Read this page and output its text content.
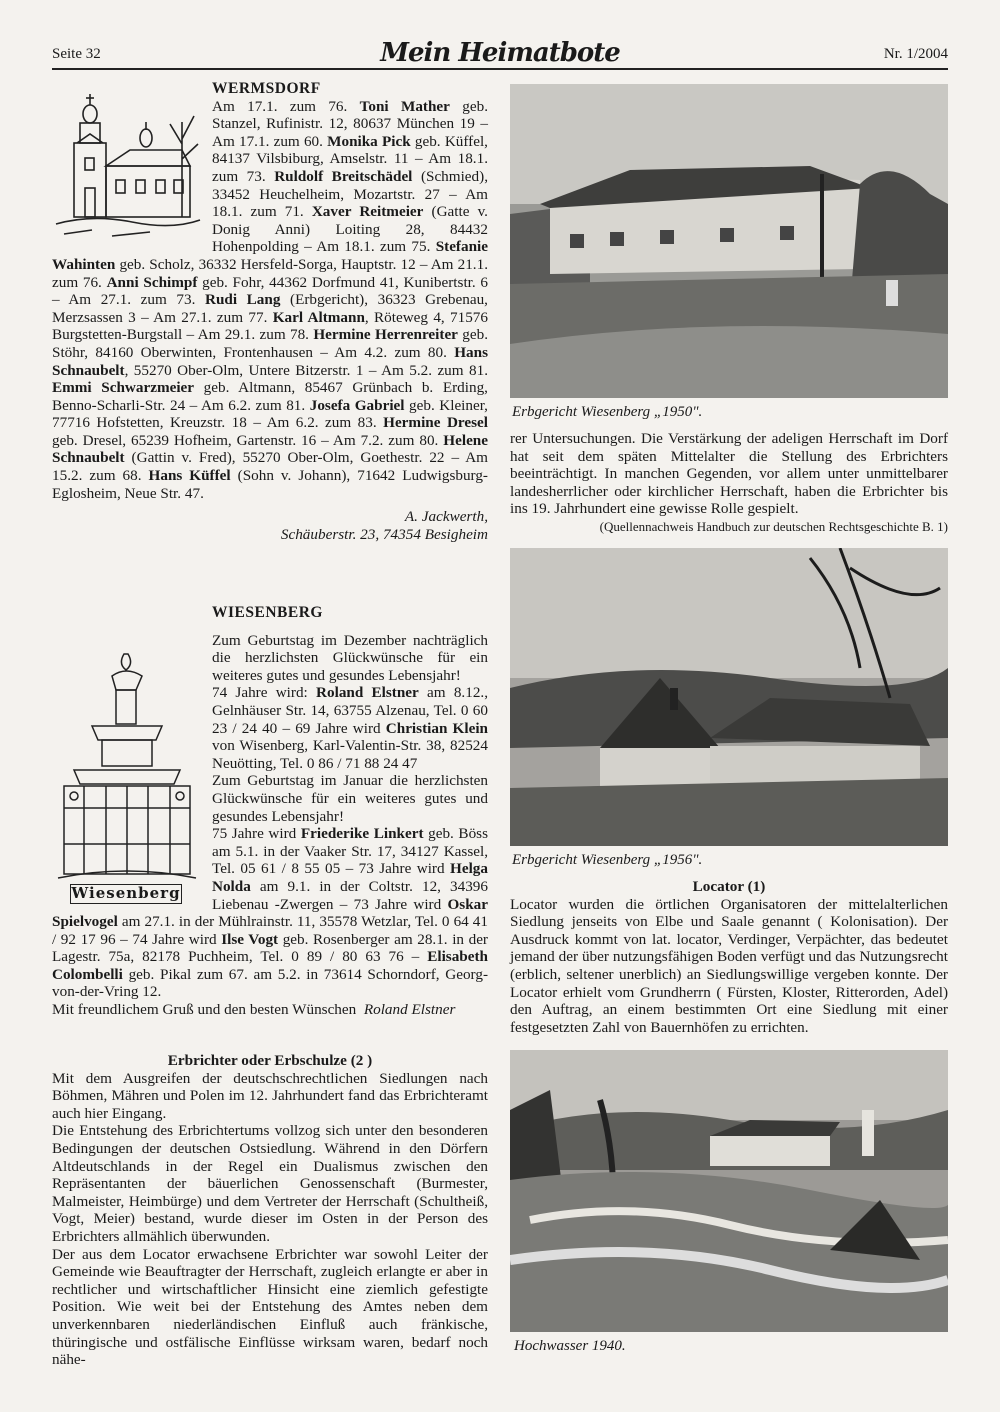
Seite 32	Mein Heimatbote	Nr. 1/2004

WERMSDORF

Am 17.1. zum 76. Toni Mather geb. Stanzel, Rufinistr. 12, 80637 München 19 – Am 17.1. zum 60. Monika Pick geb. Küffel, 84137 Vilsbiburg, Amselstr. 11 – Am 18.1. zum 73. Ruldolf Breitschädel (Schmied), 33452 Heuchelheim, Mozartstr. 27 – Am 18.1. zum 71. Xaver Reitmeier (Gatte v. Donig Anni) Loiting 28, 84432 Hohenpolding – Am 18.1. zum 75. Stefanie Wahinten geb. Scholz, 36332 Hersfeld-Sorga, Hauptstr. 12 – Am 21.1. zum 76. Anni Schimpf geb. Fohr, 44362 Dorfmund 41, Kunibertstr. 6 – Am 27.1. zum 73. Rudi Lang (Erbgericht), 36323 Grebenau, Merzsassen 3 – Am 27.1. zum 77. Karl Altmann, Röteweg 4, 71576 Burgstetten-Burgstall – Am 29.1. zum 78. Hermine Herrenreiter geb. Stöhr, 84160 Oberwinten, Frontenhausen – Am 4.2. zum 80. Hans Schnaubelt, 55270 Ober-Olm, Untere Bitzerstr. 1 – Am 5.2. zum 81. Emmi Schwarzmeier geb. Altmann, 85467 Grünbach b. Erding, Benno-Scharli-Str. 24 – Am 6.2. zum 81. Josefa Gabriel geb. Kleiner, 77716 Hofstetten, Kreuzstr. 18 – Am 6.2. zum 83. Hermine Dresel geb. Dresel, 65239 Hofheim, Gartenstr. 16 – Am 7.2. zum 80. Helene Schnaubelt (Gattin v. Fred), 55270 Ober-Olm, Goethestr. 22 – Am 15.2. zum 68. Hans Küffel (Sohn v. Johann), 71642 Ludwigsburg-Eglosheim, Neue Str. 47.

A. Jackwerth,

Schäuberstr. 23, 74354 Besigheim

Wiesenberg

WIESENBERG

Zum Geburtstag im Dezember nachträglich die herzlichsten Glückwünsche für ein weiteres gutes und gesundes Lebensjahr!

74 Jahre wird: Roland Elstner am 8.12., Gelnhäuser Str. 14, 63755 Alzenau, Tel. 0 60 23 / 24 40 – 69 Jahre wird Christian Klein von Wisenberg, Karl-Valentin-Str. 38, 82524 Neuötting, Tel. 0 86 / 71 88 24 47

Zum Geburtstag im Januar die herzlichsten Glückwünsche für ein weiteres gutes und gesundes Lebensjahr!

75 Jahre wird Friederike Linkert geb. Böss am 5.1. in der Vaaker Str. 17, 34127 Kassel, Tel. 05 61 / 8 55 05 – 73 Jahre wird Helga Nolda am 9.1. in der Coltstr. 12, 34396 Liebenau -Zwergen – 73 Jahre wird Oskar Spielvogel am 27.1. in der Mühlrainstr. 11, 35578 Wetzlar, Tel. 0 64 41 / 92 17 96 – 74 Jahre wird Ilse Vogt geb. Rosenberger am 28.1. in der Lagestr. 75a, 82178 Puchheim, Tel. 0 89 / 80 63 76 – Elisabeth Colombelli geb. Pikal zum 67. am 5.2. in 73614 Schorndorf, Georg-von-der-Vring 12.

Mit freundlichem Gruß und den besten Wünschen Roland Elstner

Erbrichter oder Erbschulze (2 )

Mit dem Ausgreifen der deutschschrechtlichen Siedlungen nach Böhmen, Mähren und Polen im 12. Jahrhundert fand das Erbrichteramt auch hier Eingang.

Die Entstehung des Erbrichtertums vollzog sich unter den besonderen Bedingungen der deutschen Ostsiedlung. Während in den Dörfern Altdeutschlands in der Regel ein Dualismus zwischen den Repräsentanten der bäuerlichen Genossenschaft (Burmester, Malmeister, Heimbürge) und dem Vertreter der Herrschaft (Schultheiß, Vogt, Meier) bestand, wurde dieser im Osten in der Person des Erbrichters allmählich überwunden.

Der aus dem Locator erwachsene Erbrichter war sowohl Leiter der Gemeinde wie Beauftragter der Herrschaft, zugleich erlangte er aber in rechtlicher und wirtschaftlicher Hinsicht eine ziemlich gefestigte Position. Wie weit bei der Entstehung des Amtes neben dem unverkennbaren niederländischen Einfluß auch fränkische, thüringische und ostfälische Einflüsse wirksam waren, bedarf noch nähe-

Erbgericht Wiesenberg „1950".

rer Untersuchungen. Die Verstärkung der adeligen Herrschaft im Dorf hat seit dem späten Mittelalter die Stellung des Erbrichters beeinträchtigt. In manchen Gegenden, vor allem unter unmittelbarer landesherrlicher oder kirchlicher Herrschaft, haben die Erbrichter bis ins 19. Jahrhundert eine gewisse Rolle gespielt.

(Quellennachweis Handbuch zur deutschen Rechtsgeschichte B. 1)

Erbgericht Wiesenberg „1956".

Locator (1)

Locator wurden die örtlichen Organisatoren der mittelalterlichen Siedlung jenseits von Elbe und Saale genannt ( Kolonisation). Der Ausdruck kommt von lat. locator, Verdinger, Verpächter, das bedeutet jemand der über nutzungsfähigen Boden verfügt und das Nutzungsrecht (erblich, seltener unerblich) an Siedlungswillige vergeben konnte. Der Locator erhielt vom Grundherrn ( Fürsten, Kloster, Ritterorden, Adel) den Auftrag, an einem bestimmten Ort eine Siedlung mit einer festgesetzten Zahl von Bauernhöfen zu errichten.

Hochwasser 1940.
